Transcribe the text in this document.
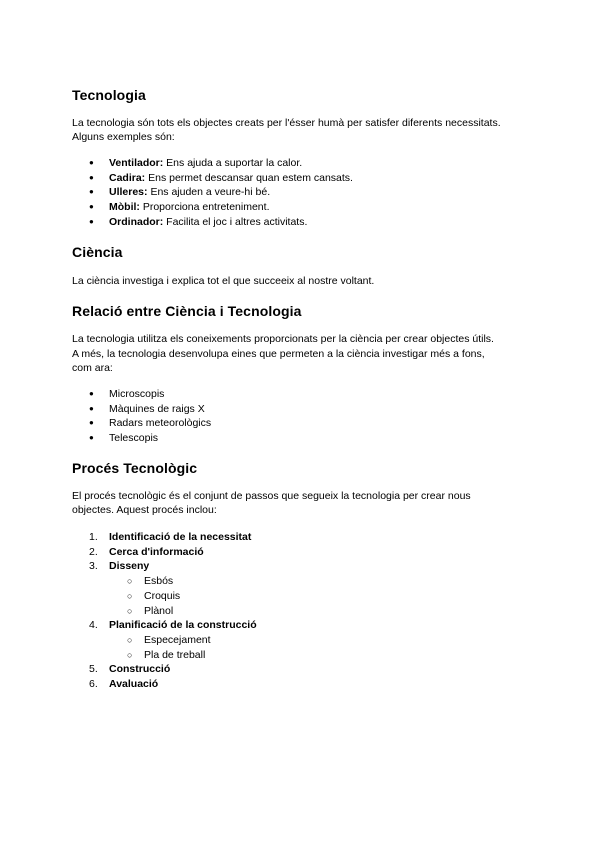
Tecnologia

La tecnologia són tots els objectes creats per l'ésser humà per satisfer diferents necessitats.

Alguns exemples són:

● Ventilador: Ens ajuda a suportar la calor.
● Cadira: Ens permet descansar quan estem cansats.
● Ulleres: Ens ajuden a veure-hi bé.
● Mòbil: Proporciona entreteniment.
● Ordinador: Facilita el joc i altres activitats.
Ciència

La ciència investiga i explica tot el que succeeix al nostre voltant.

Relació entre Ciència i Tecnologia

La tecnologia utilitza els coneixements proporcionats per la ciència per crear objectes útils.

A més, la tecnologia desenvolupa eines que permeten a la ciència investigar més a fons,

com ara:

● Microscopis
● Màquines de raigs X
● Radars meteorològics
● Telescopis
Procés Tecnològic

El procés tecnològic és el conjunt de passos que segueix la tecnologia per crear nous

objectes. Aquest procés inclou:

1. Identificació de la necessitat
2. Cerca d'informació
3. Disseny
○ Esbós
○ Croquis
○ Plànol
4. Planificació de la construcció
○ Especejament
○ Pla de treball
5. Construcció
6. Avaluació
